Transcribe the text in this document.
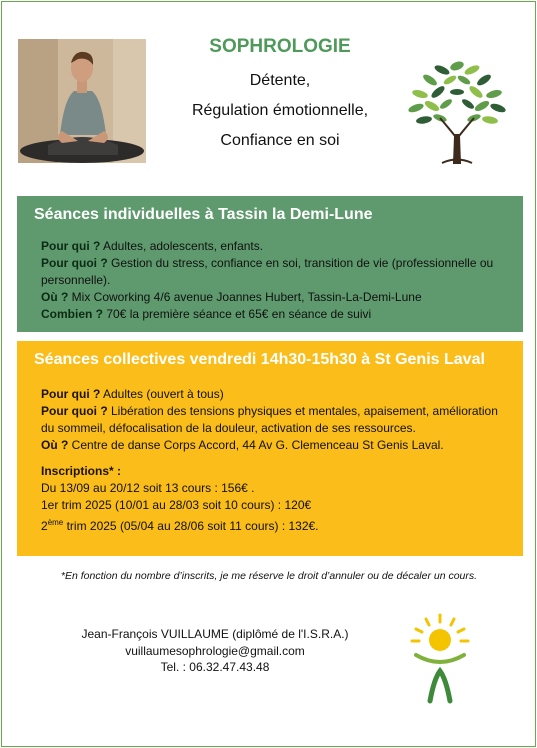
SOPHROLOGIE
Détente,
Régulation émotionnelle,
Confiance en soi
Séances individuelles à Tassin la Demi-Lune
Pour qui ? Adultes, adolescents, enfants.
Pour quoi ? Gestion du stress, confiance en soi, transition de vie (professionnelle ou personnelle).
Où ? Mix Coworking 4/6 avenue Joannes Hubert, Tassin-La-Demi-Lune
Combien ? 70€ la première séance et 65€ en séance de suivi
Séances collectives vendredi 14h30-15h30 à St Genis Laval
Pour qui ? Adultes (ouvert à tous)
Pour quoi ? Libération des tensions physiques et mentales, apaisement, amélioration du sommeil, défocalisation de la douleur, activation de ses ressources.
Où ? Centre de danse Corps Accord, 44 Av G. Clemenceau St Genis Laval.
Inscriptions* :
Du 13/09 au 20/12 soit 13 cours : 156€ .
1er trim 2025 (10/01 au 28/03 soit 10 cours) : 120€
2ème trim 2025 (05/04 au 28/06 soit 11 cours) : 132€.
*En fonction du nombre d’inscrits, je me réserve le droit d’annuler ou de décaler un cours.
Jean-François VUILLAUME (diplômé de l'I.S.R.A.)
vuillaumesophrologie@gmail.com
Tel. : 06.32.47.43.48
